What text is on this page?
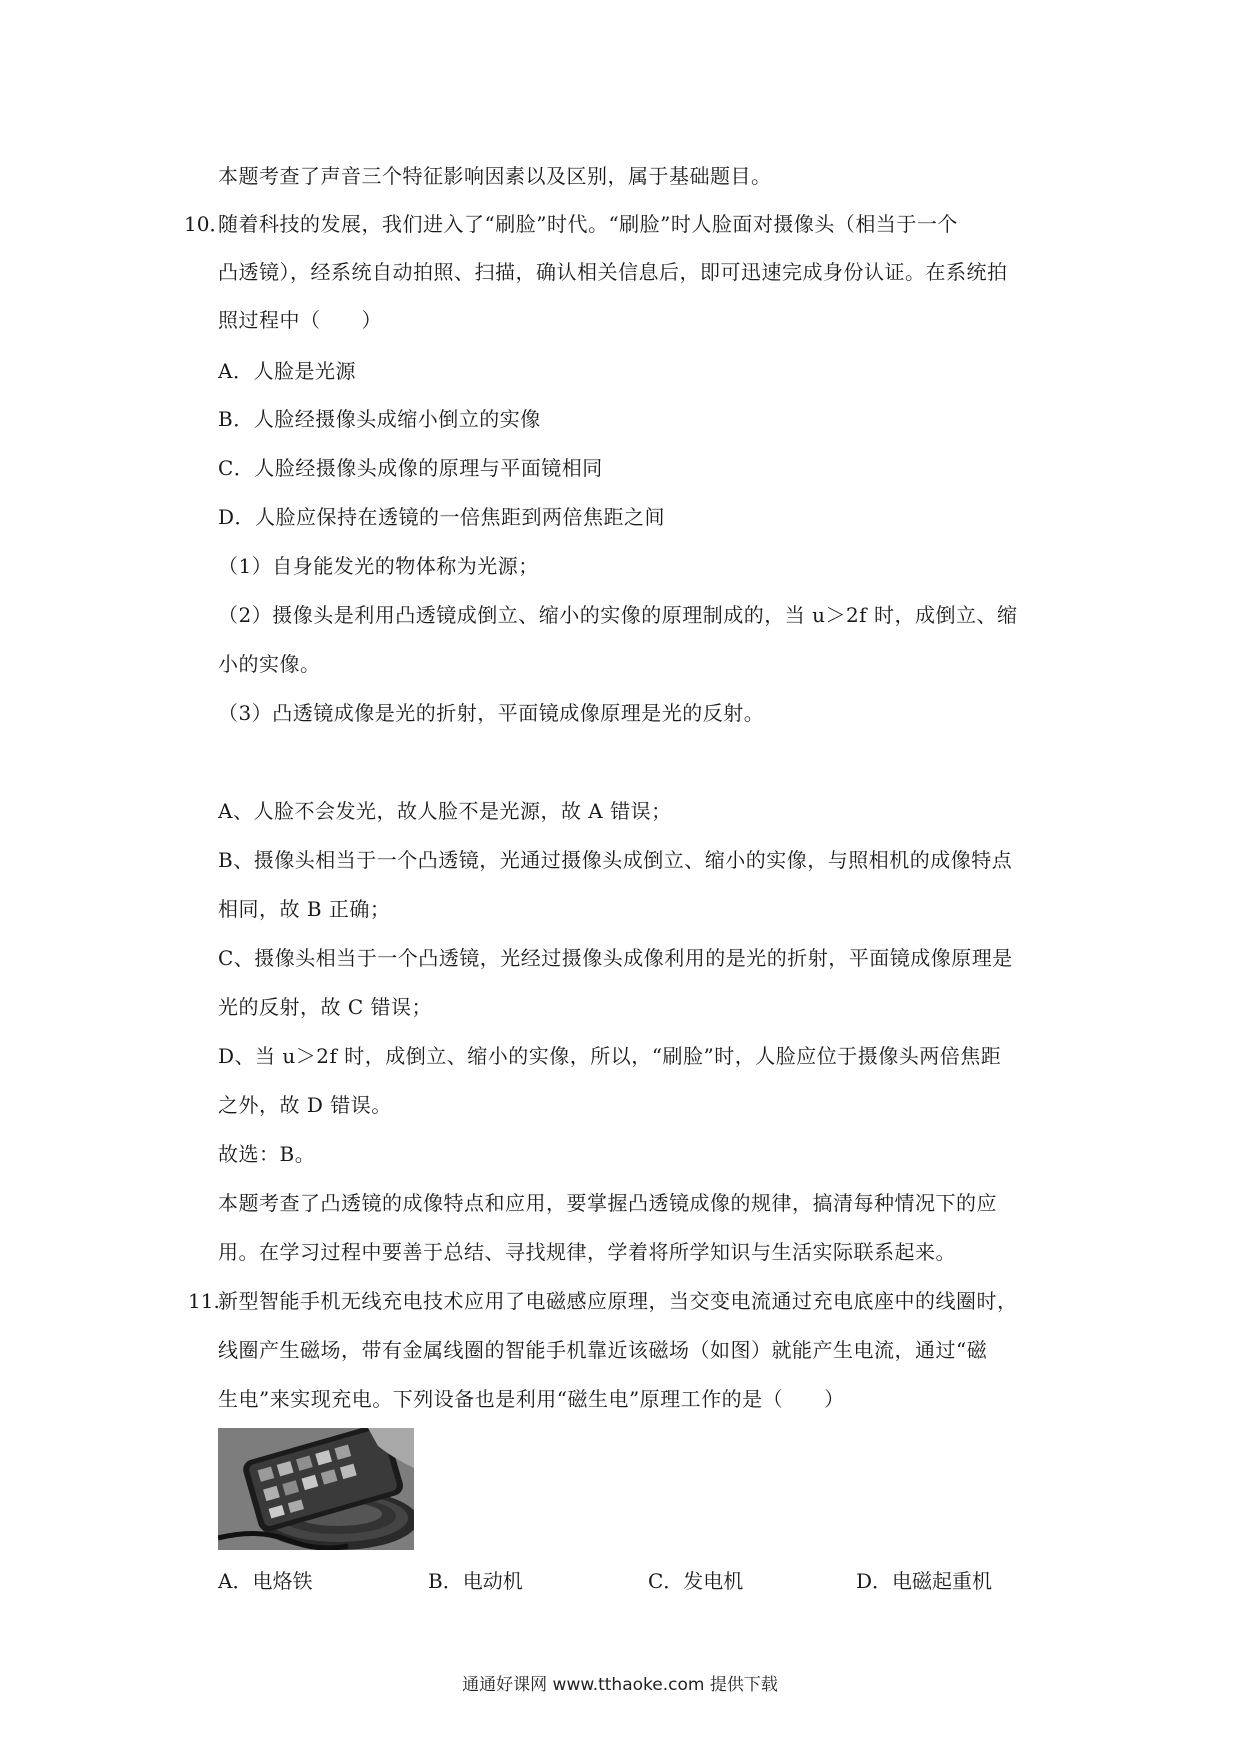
本题考查了声音三个特征影响因素以及区别，属于基础题目。
10．
随着科技的发展，我们进入了“刷脸”时代。“刷脸”时人脸面对摄像头（相当于一个
凸透镜），经系统自动拍照、扫描，确认相关信息后，即可迅速完成身份认证。在系统拍
照过程中（　　）
A．人脸是光源
B．人脸经摄像头成缩小倒立的实像
C．人脸经摄像头成像的原理与平面镜相同
D．人脸应保持在透镜的一倍焦距到两倍焦距之间
（1）自身能发光的物体称为光源；
（2）摄像头是利用凸透镜成倒立、缩小的实像的原理制成的，当 u＞2f 时，成倒立、缩
小的实像。
（3）凸透镜成像是光的折射，平面镜成像原理是光的反射。
A、人脸不会发光，故人脸不是光源，故 A 错误；
B、摄像头相当于一个凸透镜，光通过摄像头成倒立、缩小的实像，与照相机的成像特点
相同，故 B 正确；
C、摄像头相当于一个凸透镜，光经过摄像头成像利用的是光的折射，平面镜成像原理是
光的反射，故 C 错误；
D、当 u＞2f 时，成倒立、缩小的实像，所以，“刷脸”时，人脸应位于摄像头两倍焦距
之外，故 D 错误。
故选：B。
本题考查了凸透镜的成像特点和应用，要掌握凸透镜成像的规律，搞清每种情况下的应
用。在学习过程中要善于总结、寻找规律，学着将所学知识与生活实际联系起来。
11.
新型智能手机无线充电技术应用了电磁感应原理，当交变电流通过充电底座中的线圈时，
线圈产生磁场，带有金属线圈的智能手机靠近该磁场（如图）就能产生电流，通过“磁
生电”来实现充电。下列设备也是利用“磁生电”原理工作的是（　　）
A．电烙铁	B．电动机	C．发电机	D．电磁起重机
通通好课网 www.tthaoke.com 提供下载
